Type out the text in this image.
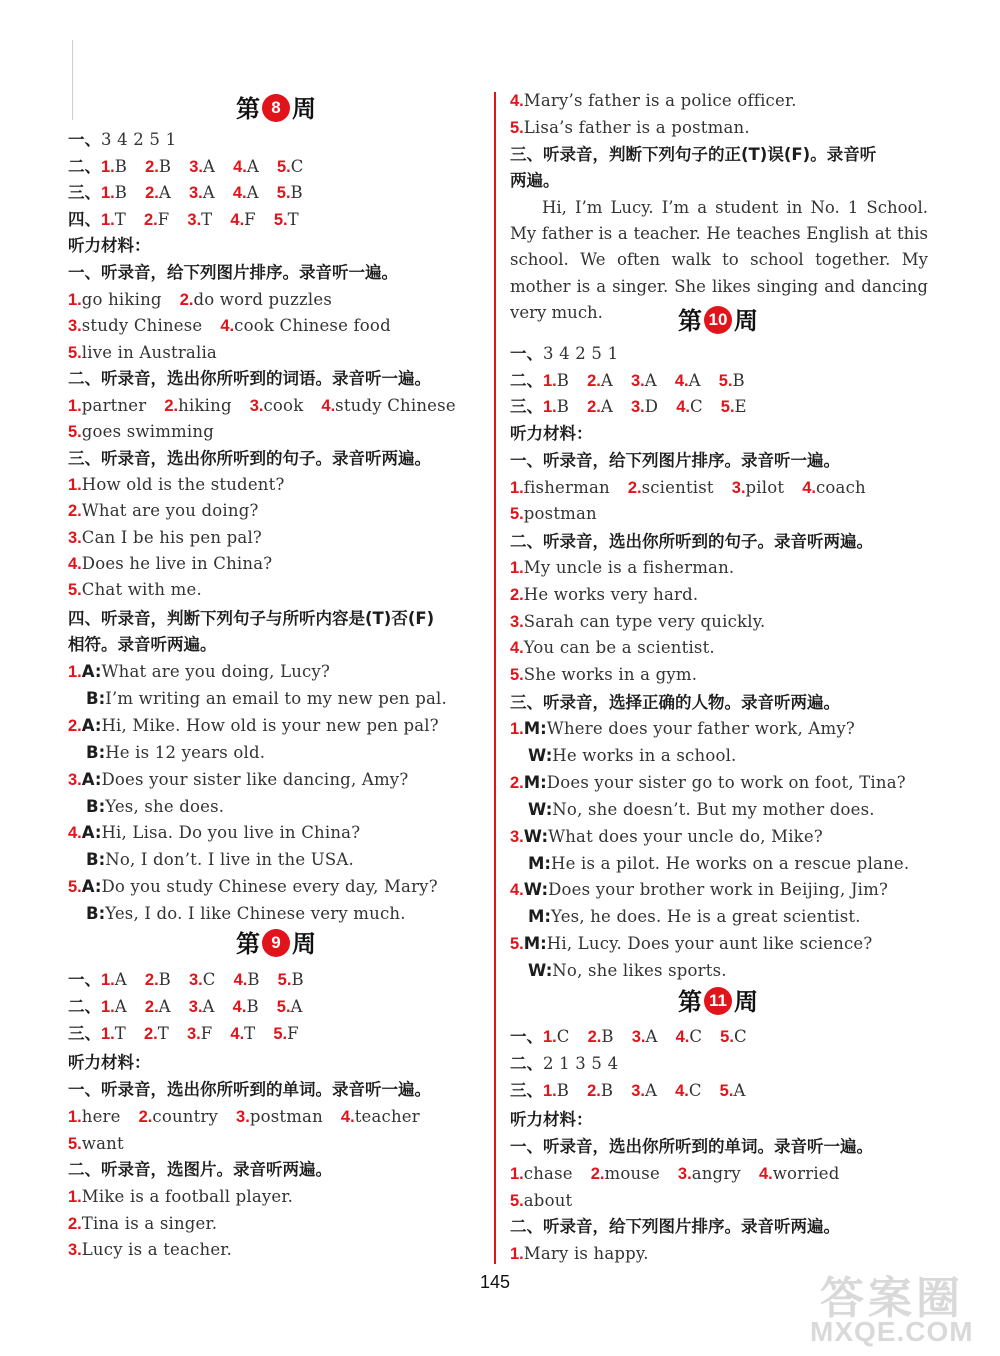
第 8 周
一、3 4 2 5 1
二、1.B 2.B 3.A 4.A 5.C
三、1.B 2.A 3.A 4.A 5.B
四、1.T 2.F 3.T 4.F 5.T
听力材料：
一、听录音，给下列图片排序。录音听一遍。
1.go hiking 2.do word puzzles
3.study Chinese 4.cook Chinese food
5.live in Australia
二、听录音，选出你所听到的词语。录音听一遍。
1.partner 2.hiking 3.cook 4.study Chinese
5.goes swimming
三、听录音，选出你所听到的句子。录音听两遍。
1.How old is the student?
2.What are you doing?
3.Can I be his pen pal?
4.Does he live in China?
5.Chat with me.
四、听录音，判断下列句子与所听内容是(T)否(F)
相符。录音听两遍。
1.A:What are you doing, Lucy?
B:I’m writing an email to my new pen pal.
2.A:Hi, Mike. How old is your new pen pal?
B:He is 12 years old.
3.A:Does your sister like dancing, Amy?
B:Yes, she does.
4.A:Hi, Lisa. Do you live in China?
B:No, I don’t. I live in the USA.
5.A:Do you study Chinese every day, Mary?
B:Yes, I do. I like Chinese very much.
第 9 周
一、1.A 2.B 3.C 4.B 5.B
二、1.A 2.A 3.A 4.B 5.A
三、1.T 2.T 3.F 4.T 5.F
听力材料：
一、听录音，选出你所听到的单词。录音听一遍。
1.here 2.country 3.postman 4.teacher
5.want
二、听录音，选图片。录音听两遍。
1.Mike is a football player.
2.Tina is a singer.
3.Lucy is a teacher.
4.Mary’s father is a police officer.
5.Lisa’s father is a postman.
三、听录音，判断下列句子的正(T)误(F)。录音听
两遍。
Hi, I’m Lucy. I’m a student in No. 1 School. My father is a teacher. He teaches English at this school. We often walk to school together. My mother is a singer. She likes singing and dancing very much.	第 10 周
一、3 4 2 5 1
二、1.B 2.A 3.A 4.A 5.B
三、1.B 2.A 3.D 4.C 5.E
听力材料：
一、听录音，给下列图片排序。录音听一遍。
1.fisherman 2.scientist 3.pilot 4.coach
5.postman
二、听录音，选出你所听到的句子。录音听两遍。
1.My uncle is a fisherman.
2.He works very hard.
3.Sarah can type very quickly.
4.You can be a scientist.
5.She works in a gym.
三、听录音，选择正确的人物。录音听两遍。
1.M:Where does your father work, Amy?
W:He works in a school.
2.M:Does your sister go to work on foot, Tina?
W:No, she doesn’t. But my mother does.
3.W:What does your uncle do, Mike?
M:He is a pilot. He works on a rescue plane.
4.W:Does your brother work in Beijing, Jim?
M:Yes, he does. He is a great scientist.
5.M:Hi, Lucy. Does your aunt like science?
W:No, she likes sports.
第 11 周
一、1.C 2.B 3.A 4.C 5.C
二、2 1 3 5 4
三、1.B 2.B 3.A 4.C 5.A
听力材料：
一、听录音，选出你所听到的单词。录音听一遍。
1.chase 2.mouse 3.angry 4.worried
5.about
二、听录音，给下列图片排序。录音听两遍。
1.Mary is happy.
145	答案圈
MXQE.COM
